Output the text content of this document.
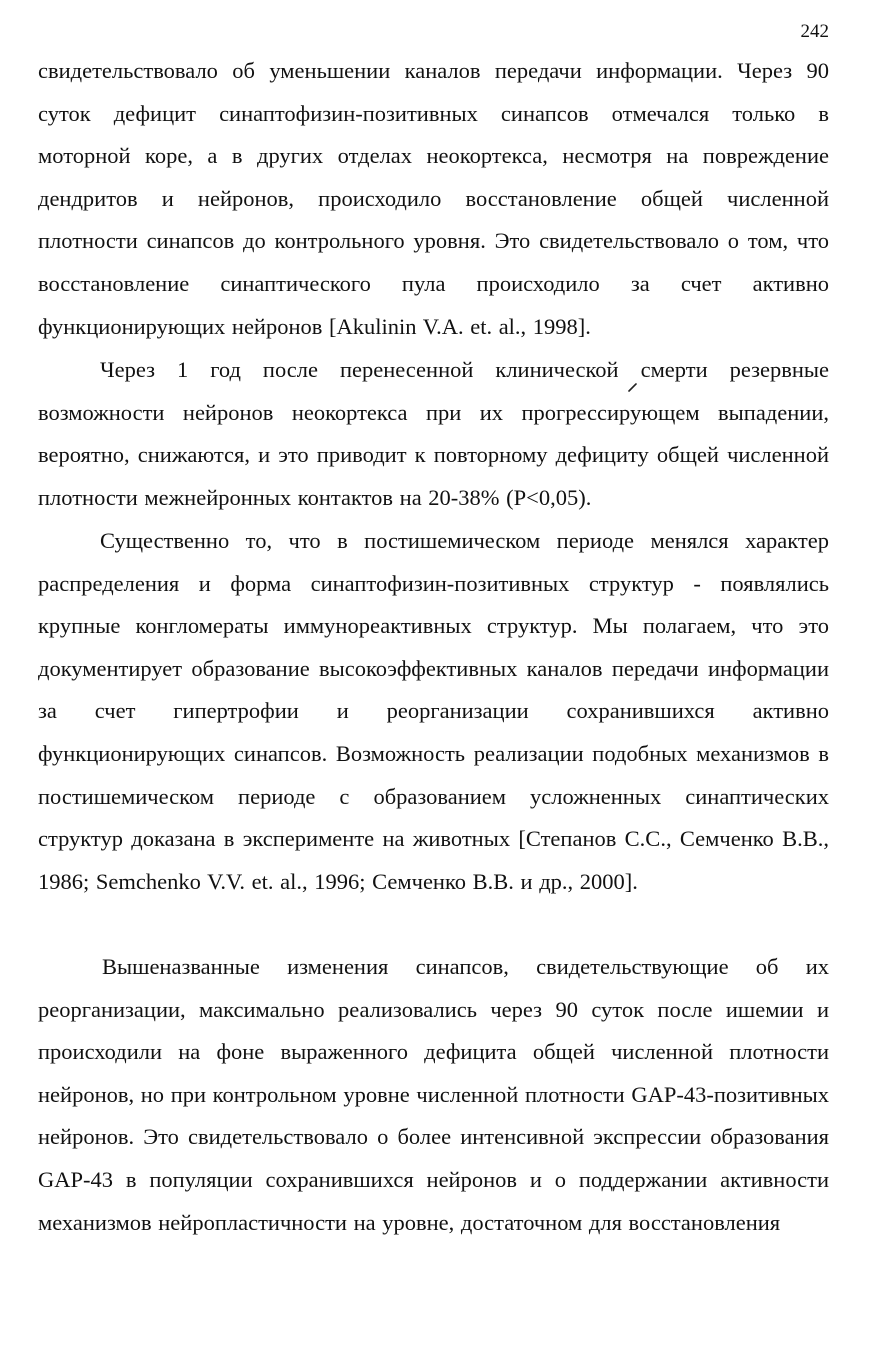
242

свидетельствовало об уменьшении каналов передачи информации. Через 90 суток дефицит синаптофизин-позитивных синапсов отмечался только в моторной коре, а в других отделах неокортекса, несмотря на повреждение дендритов и нейронов, происходило восстановление общей численной плотности синапсов до контрольного уровня. Это свидетельствовало о том, что восстановление синаптического пула происходило за счет активно функционирующих нейронов [Akulinin V.A. et. al., 1998].

Через 1 год после перенесенной клинической смерти резервные возможности нейронов неокортекса при их прогрессирующем выпадении, вероятно, снижаются, и это приводит к повторному дефициту общей численной плотности межнейронных контактов на 20-38% (Р<0,05).

Существенно то, что в постишемическом периоде менялся характер распределения и форма синаптофизин-позитивных структур - появлялись крупные конгломераты иммунореактивных структур. Мы полагаем, что это документирует образование высокоэффективных каналов передачи информации за счет гипертрофии и реорганизации сохранившихся активно функционирующих синапсов. Возможность реализации подобных механизмов в постишемическом периоде с образованием усложненных синаптических структур доказана в эксперименте на животных [Степанов С.С., Семченко В.В., 1986; Semchenko V.V. et. al., 1996; Семченко В.В. и др., 2000].

Вышеназванные изменения синапсов, свидетельствующие об их реорганизации, максимально реализовались через 90 суток после ишемии и происходили на фоне выраженного дефицита общей численной плотности нейронов, но при контрольном уровне численной плотности GAP-43-позитивных нейронов. Это свидетельствовало о более интенсивной экспрессии образования GAP-43 в популяции сохранившихся нейронов и о поддержании активности механизмов нейропластичности на уровне, достаточном для восстановления
